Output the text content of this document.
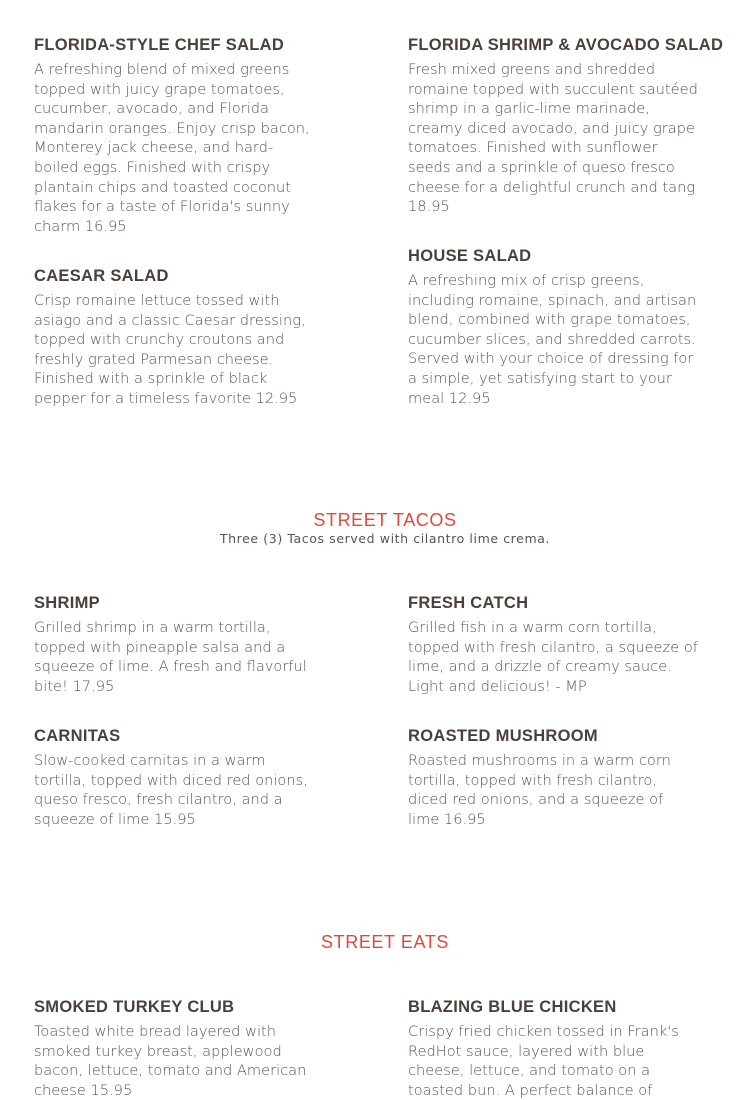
FLORIDA-STYLE CHEF SALAD

A refreshing blend of mixed greens topped with juicy grape tomatoes, cucumber, avocado, and Florida mandarin oranges. Enjoy crisp bacon, Monterey jack cheese, and hard-boiled eggs. Finished with crispy plantain chips and toasted coconut flakes for a taste of Florida's sunny charm 16.95

FLORIDA SHRIMP & AVOCADO SALAD

Fresh mixed greens and shredded romaine topped with succulent sautéed shrimp in a garlic-lime marinade, creamy diced avocado, and juicy grape tomatoes. Finished with sunflower seeds and a sprinkle of queso fresco cheese for a delightful crunch and tang 18.95

CAESAR SALAD

Crisp romaine lettuce tossed with asiago and a classic Caesar dressing, topped with crunchy croutons and freshly grated Parmesan cheese. Finished with a sprinkle of black pepper for a timeless favorite 12.95

HOUSE SALAD

A refreshing mix of crisp greens, including romaine, spinach, and artisan blend, combined with grape tomatoes, cucumber slices, and shredded carrots. Served with your choice of dressing for a simple, yet satisfying start to your meal 12.95

STREET TACOS

Three (3) Tacos served with cilantro lime crema.

SHRIMP

Grilled shrimp in a warm tortilla, topped with pineapple salsa and a squeeze of lime. A fresh and flavorful bite! 17.95

FRESH CATCH

Grilled fish in a warm corn tortilla, topped with fresh cilantro, a squeeze of lime, and a drizzle of creamy sauce. Light and delicious! - MP

CARNITAS

Slow-cooked carnitas in a warm tortilla, topped with diced red onions, queso fresco, fresh cilantro, and a squeeze of lime 15.95

ROASTED MUSHROOM

Roasted mushrooms in a warm corn tortilla, topped with fresh cilantro, diced red onions, and a squeeze of lime 16.95

STREET EATS
SMOKED TURKEY CLUB

Toasted white bread layered with smoked turkey breast, applewood bacon, lettuce, tomato and American cheese 15.95

BLAZING BLUE CHICKEN

Crispy fried chicken tossed in Frank's RedHot sauce, layered with blue cheese, lettuce, and tomato on a toasted bun. A perfect balance of
